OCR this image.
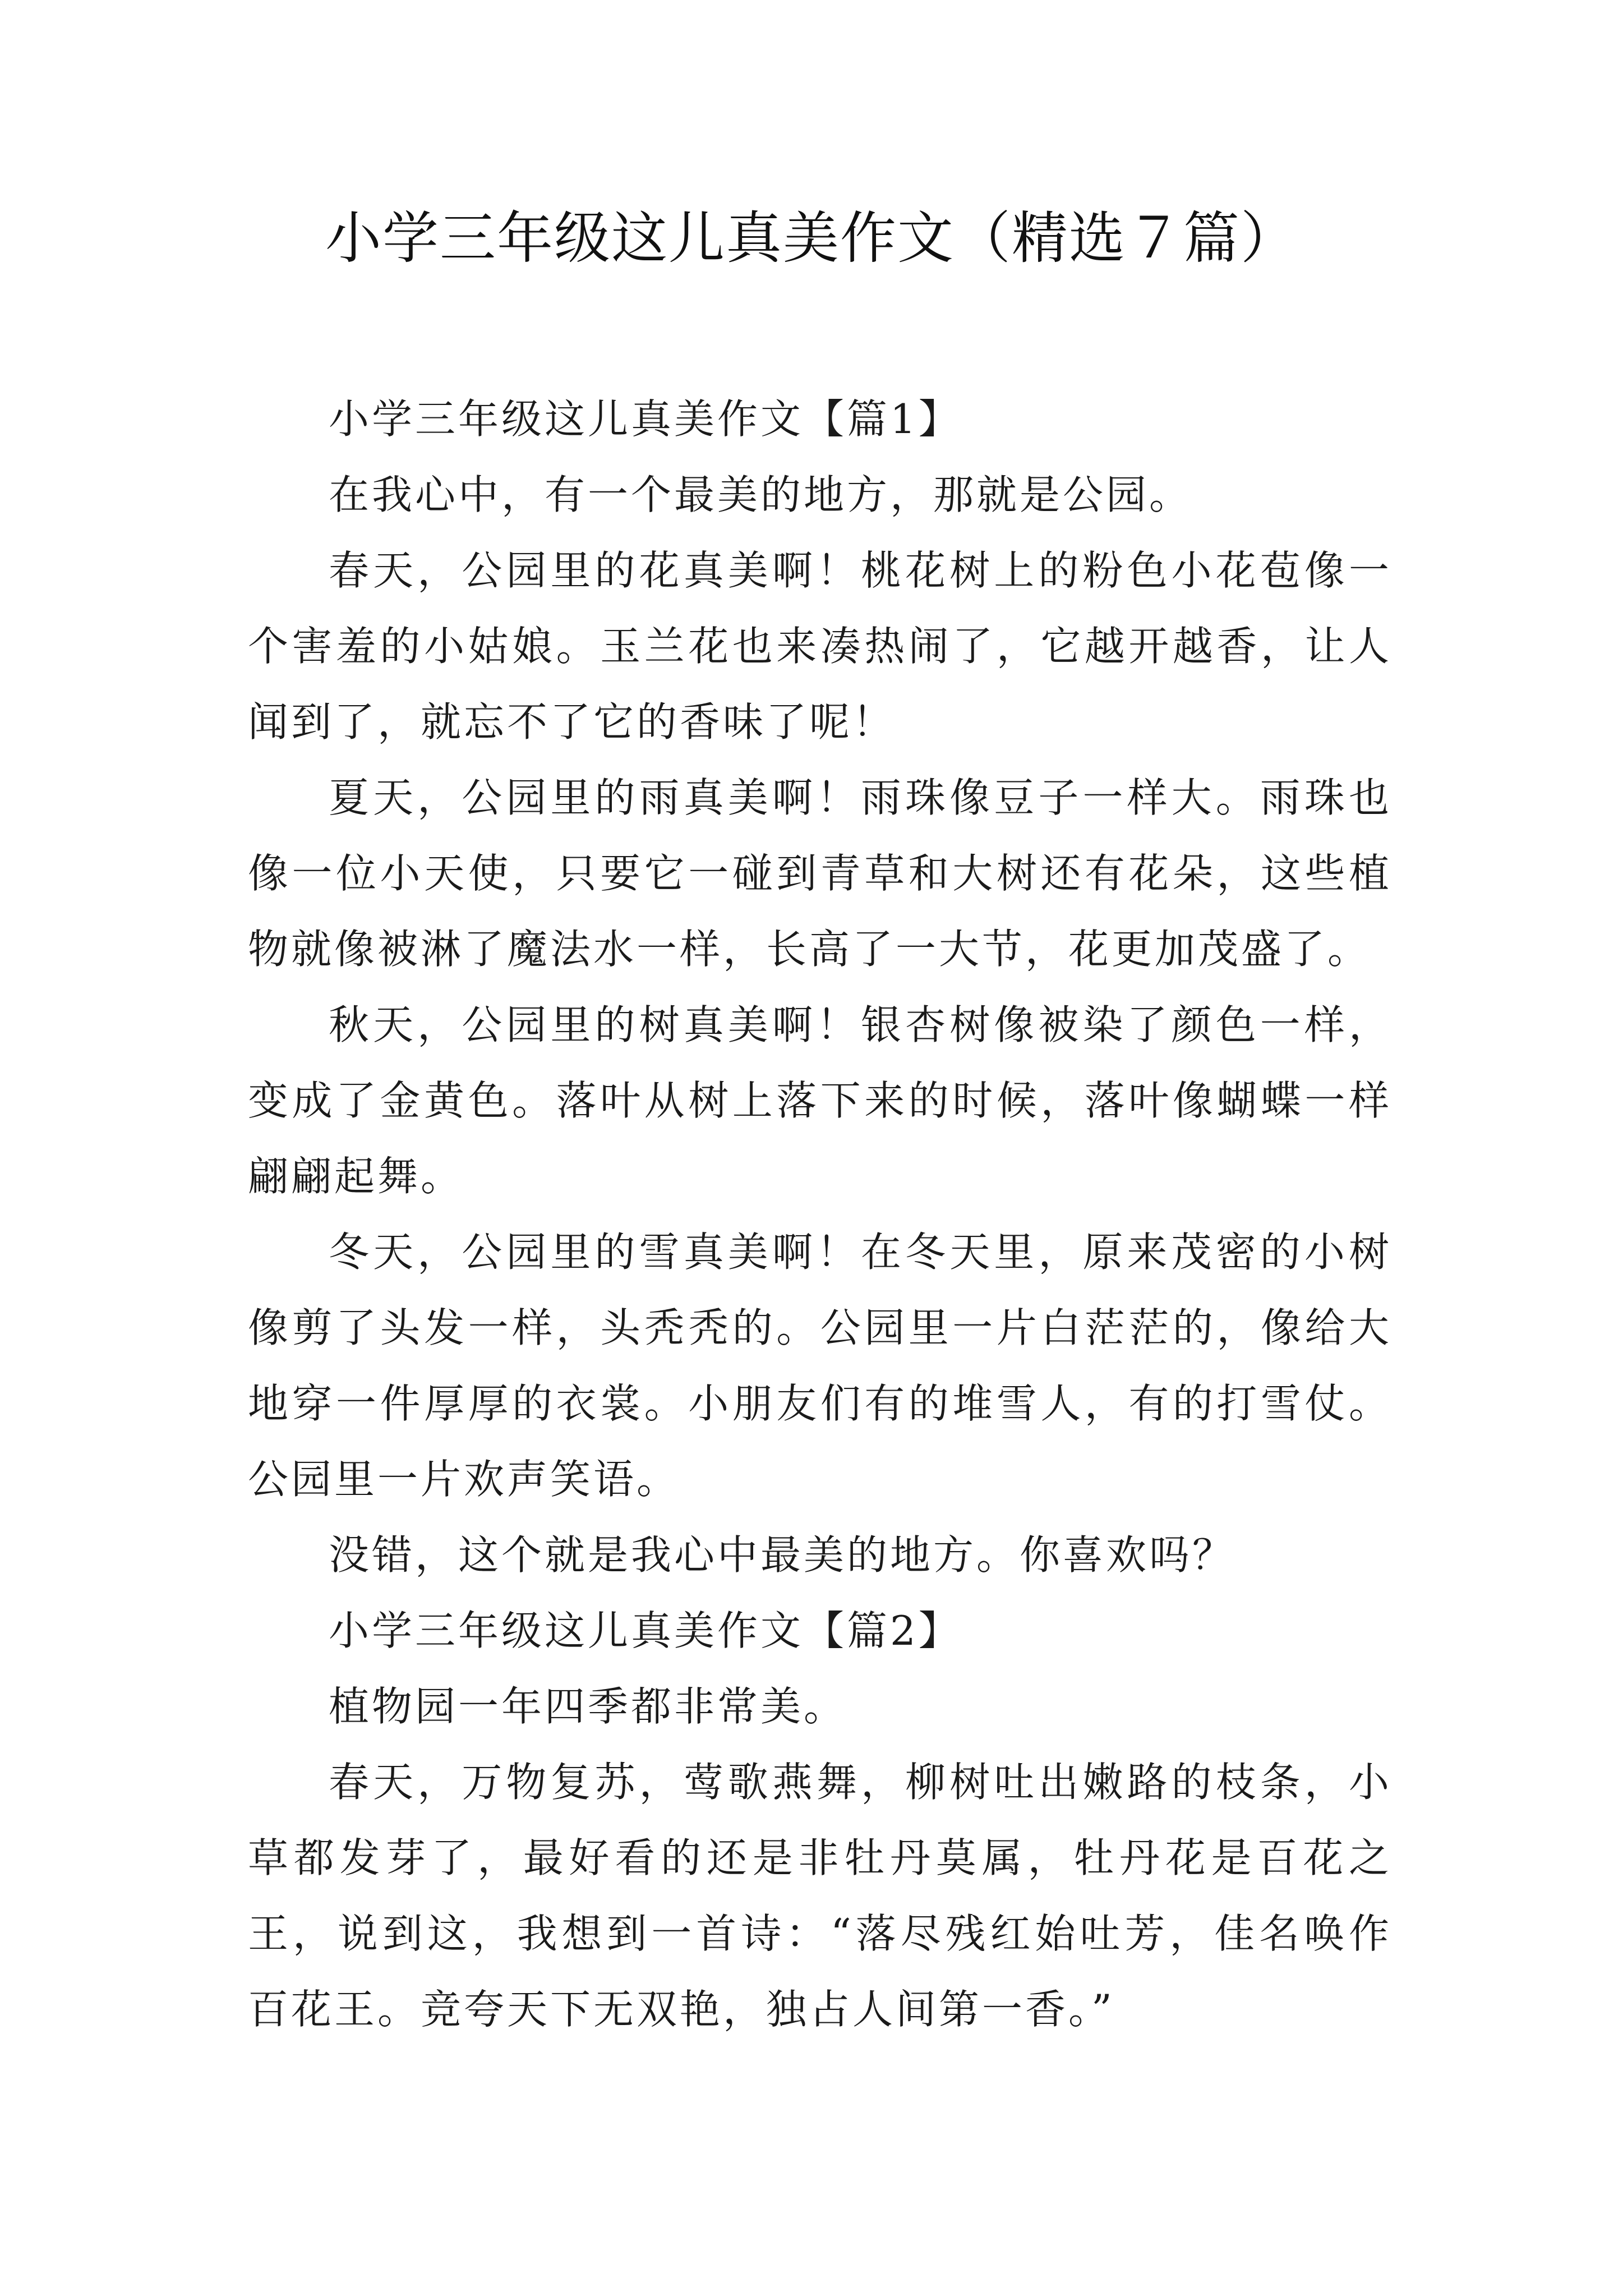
小学三年级这儿真美作文（精选７篇）

小学三年级这儿真美作文【篇1】

在我心中，有一个最美的地方，那就是公园。

春天，公园里的花真美啊！桃花树上的粉色小花苞像一个害羞的小姑娘。玉兰花也来凑热闹了，它越开越香，让人闻到了，就忘不了它的香味了呢！

夏天，公园里的雨真美啊！雨珠像豆子一样大。雨珠也像一位小天使，只要它一碰到青草和大树还有花朵，这些植物就像被淋了魔法水一样，长高了一大节，花更加茂盛了。

秋天，公园里的树真美啊！银杏树像被染了颜色一样，变成了金黄色。落叶从树上落下来的时候，落叶像蝴蝶一样翩翩起舞。

冬天，公园里的雪真美啊！在冬天里，原来茂密的小树像剪了头发一样，头秃秃的。公园里一片白茫茫的，像给大地穿一件厚厚的衣裳。小朋友们有的堆雪人，有的打雪仗。公园里一片欢声笑语。

没错，这个就是我心中最美的地方。你喜欢吗？

小学三年级这儿真美作文【篇2】

植物园一年四季都非常美。

春天，万物复苏，莺歌燕舞，柳树吐出嫩路的枝条，小草都发芽了，最好看的还是非牡丹莫属，牡丹花是百花之王，说到这，我想到一首诗：“落尽残红始吐芳，佳名唤作百花王。竞夸天下无双艳，独占人间第一香。”
